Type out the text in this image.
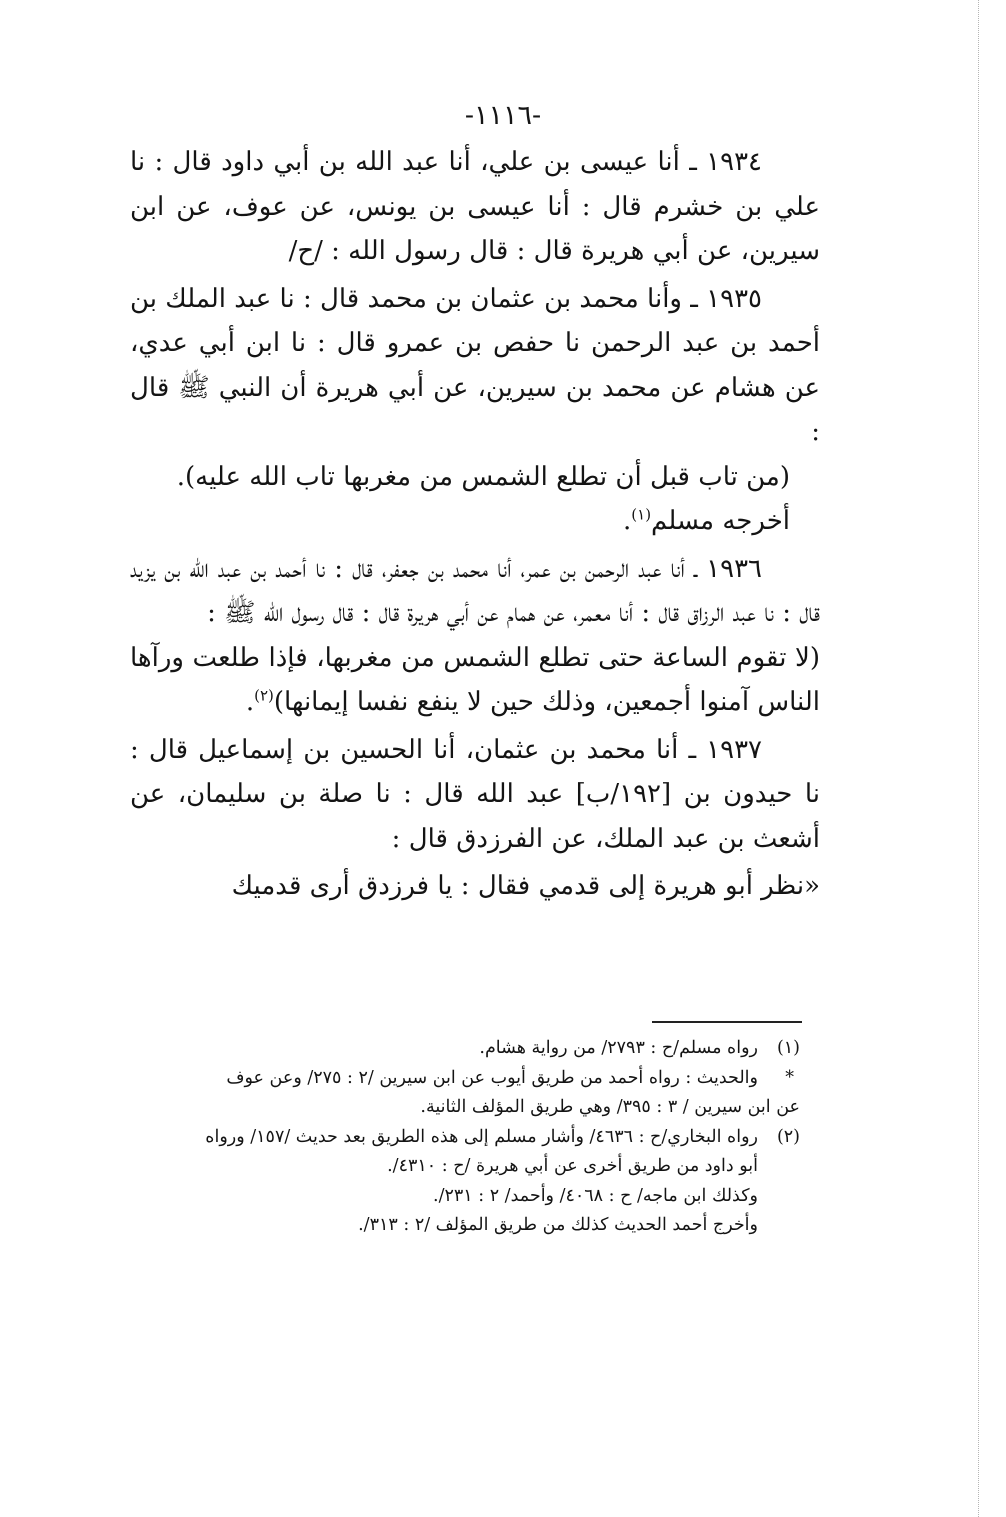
-١١١٦-

١٩٣٤ ـ أنا عيسى بن علي، أنا عبد الله بن أبي داود قال : نا علي بن خشرم قال : أنا عيسى بن يونس، عن عوف، عن ابن سيرين، عن أبي هريرة قال : قال رسول الله : /ح/

١٩٣٥ ـ وأنا محمد بن عثمان بن محمد قال : نا عبد الملك بن أحمد بن عبد الرحمن نا حفص بن عمرو قال : نا ابن أبي عدي، عن هشام عن محمد بن سيرين، عن أبي هريرة أن النبي ﷺ قال :

(من تاب قبل أن تطلع الشمس من مغربها تاب الله عليه).

أخرجه مسلم$^{(١)}$.

١٩٣٦ ـ أنا عبد الرحمن بن عمر، أنا محمد بن جعفر، قال : نا أحمد بن عبد الله بن يزيد قال : نا عبد الرزاق قال : أنا معمر، عن همام عن أبي هريرة قال : قال رسول الله ﷺ :

(لا تقوم الساعة حتى تطلع الشمس من مغربها، فإذا طلعت ورآها الناس آمنوا أجمعين، وذلك حين لا ينفع نفسا إيمانها)$^{(٢)}$.

١٩٣٧ ـ أنا محمد بن عثمان، أنا الحسين بن إسماعيل قال : نا حيدون بن [١٩٢/ب] عبد الله قال : نا صلة بن سليمان، عن أشعث بن عبد الملك، عن الفرزدق قال :

«نظر أبو هريرة إلى قدمي فقال : يا فرزدق أرى قدميك

(١)
رواه مسلم/ح : ٢٧٩٣/ من رواية هشام.
*
والحديث : رواه أحمد من طريق أيوب عن ابن سيرين /٢ : ٢٧٥/ وعن عوف
عن ابن سيرين / ٣ : ٣٩٥/ وهي طريق المؤلف الثانية.
(٢)
رواه البخاري/ح : ٤٦٣٦/ وأشار مسلم إلى هذه الطريق بعد حديث /١٥٧/ ورواه
أبو داود من طريق أخرى عن أبي هريرة /ح : ٤٣١٠/.
وكذلك ابن ماجه/ ح : ٤٠٦٨/ وأحمد/ ٢ : ٢٣١/.
وأخرج أحمد الحديث كذلك من طريق المؤلف /٢ : ٣١٣/.
